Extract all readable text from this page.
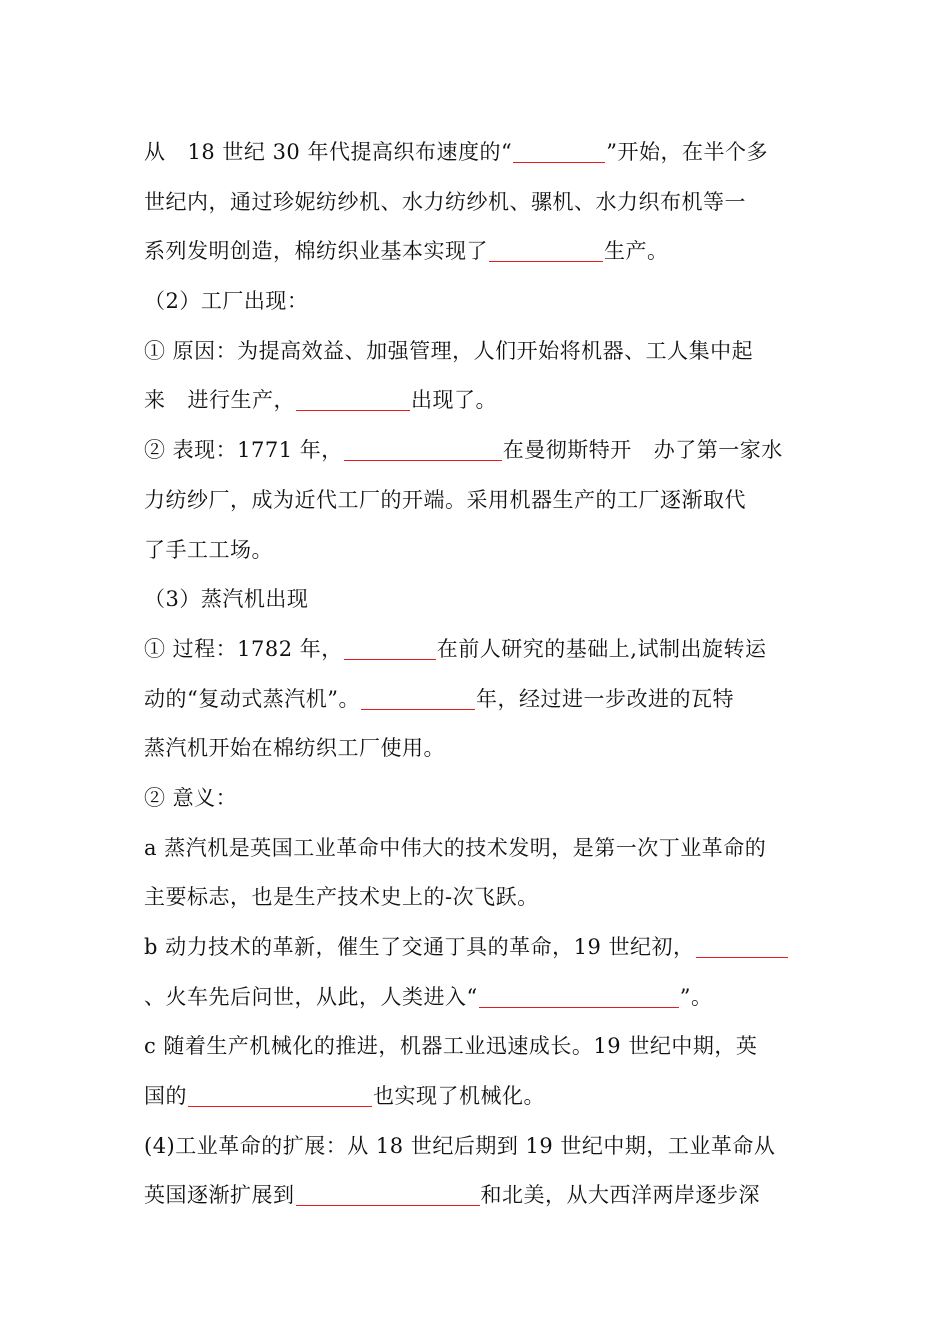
从 18 世纪 30 年代提高织布速度的“	”开始，在半个多
世纪内，通过珍妮纺纱机、水力纺纱机、骡机、水力织布机等一
系列发明创造，棉纺织业基本实现了	生产。
（2）工厂出现：
① 原因：为提高效益、加强管理，人们开始将机器、工人集中起
来 进行生产，	出现了。
② 表现：1771 年，	在曼彻斯特开 办了第一家水
力纺纱厂，成为近代工厂的开端。采用机器生产的工厂逐渐取代
了手工工场。
（3）蒸汽机出现
① 过程：1782 年，	在前人研究的基础上,试制出旋转运
动的“复动式蒸汽机”。	年，经过进一步改进的瓦特
蒸汽机开始在棉纺织工厂使用。
② 意义：
a 蒸汽机是英国工业革命中伟大的技术发明，是第一次丁业革命的
主要标志，也是生产技术史上的-次飞跃。
b 动力技术的革新，催生了交通丁具的革命，19 世纪初，
、火车先后问世，从此，人类进入“	”。
c 随着生产机械化的推进，机器工业迅速成长。19 世纪中期，英
国的	也实现了机械化。
(4)工业革命的扩展：从 18 世纪后期到 19 世纪中期，工业革命从
英国逐渐扩展到	和北美，从大西洋两岸逐步深
